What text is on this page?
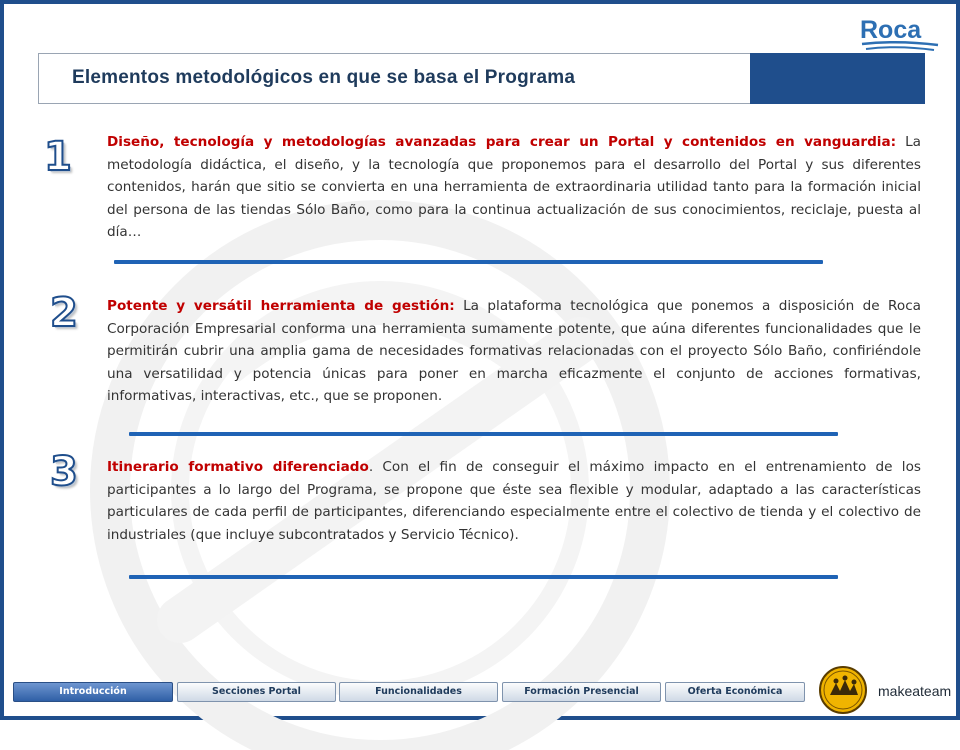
Roca
Elementos metodológicos en que se basa el Programa
1	Diseño, tecnología y metodologías avanzadas para crear un Portal y contenidos en vanguardia: La metodología didáctica, el diseño, y la tecnología que proponemos para el desarrollo del Portal y sus diferentes contenidos, harán que sitio se convierta en una herramienta de extraordinaria utilidad tanto para la formación inicial del persona de las tiendas Sólo Baño, como para la continua actualización de sus conocimientos, reciclaje, puesta al día…
2 Potente y versátil herramienta de gestión: La plataforma tecnológica que ponemos a disposición de Roca Corporación Empresarial conforma una herramienta sumamente potente, que aúna diferentes funcionalidades que le permitirán cubrir una amplia gama de necesidades formativas relacionadas con el proyecto Sólo Baño, confiriéndole una versatilidad y potencia únicas para poner en marcha eficazmente el conjunto de acciones formativas, informativas, interactivas, etc., que se proponen.
3 Itinerario formativo diferenciado. Con el fin de conseguir el máximo impacto en el entrenamiento de los participantes a lo largo del Programa, se propone que éste sea flexible y modular, adaptado a las características particulares de cada perfil de participantes, diferenciando especialmente entre el colectivo de tienda y el colectivo de industriales (que incluye subcontratados y Servicio Técnico).
Introducción	Secciones Portal	Funcionalidades	Formación Presencial	Oferta Económica	makeateam
